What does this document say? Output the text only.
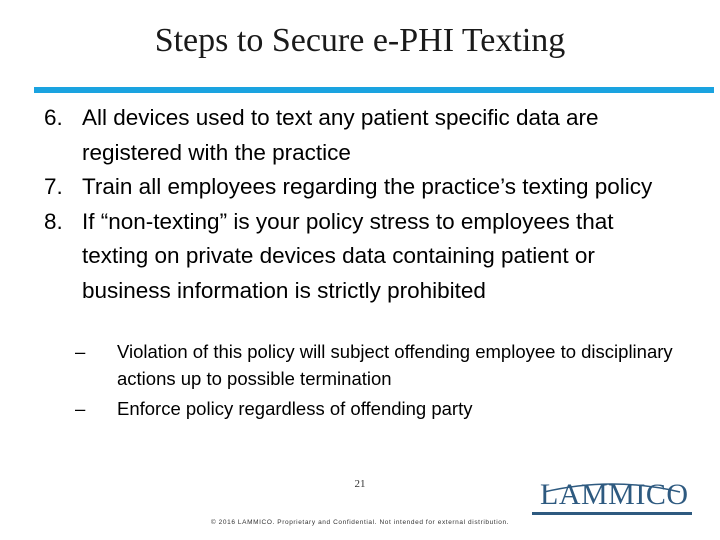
Steps to Secure e-PHI Texting
6. All devices used to text any patient specific data are registered with the practice
7. Train all employees regarding the practice’s texting policy
8. If “non-texting” is your policy stress to employees that texting on private devices data containing patient or business information is strictly prohibited
–	Violation of this policy will subject offending employee to disciplinary actions up to possible termination
–	Enforce policy regardless of offending party
21
© 2016 LAMMICO. Proprietary and Confidential. Not intended for external distribution.
LAMMICO
